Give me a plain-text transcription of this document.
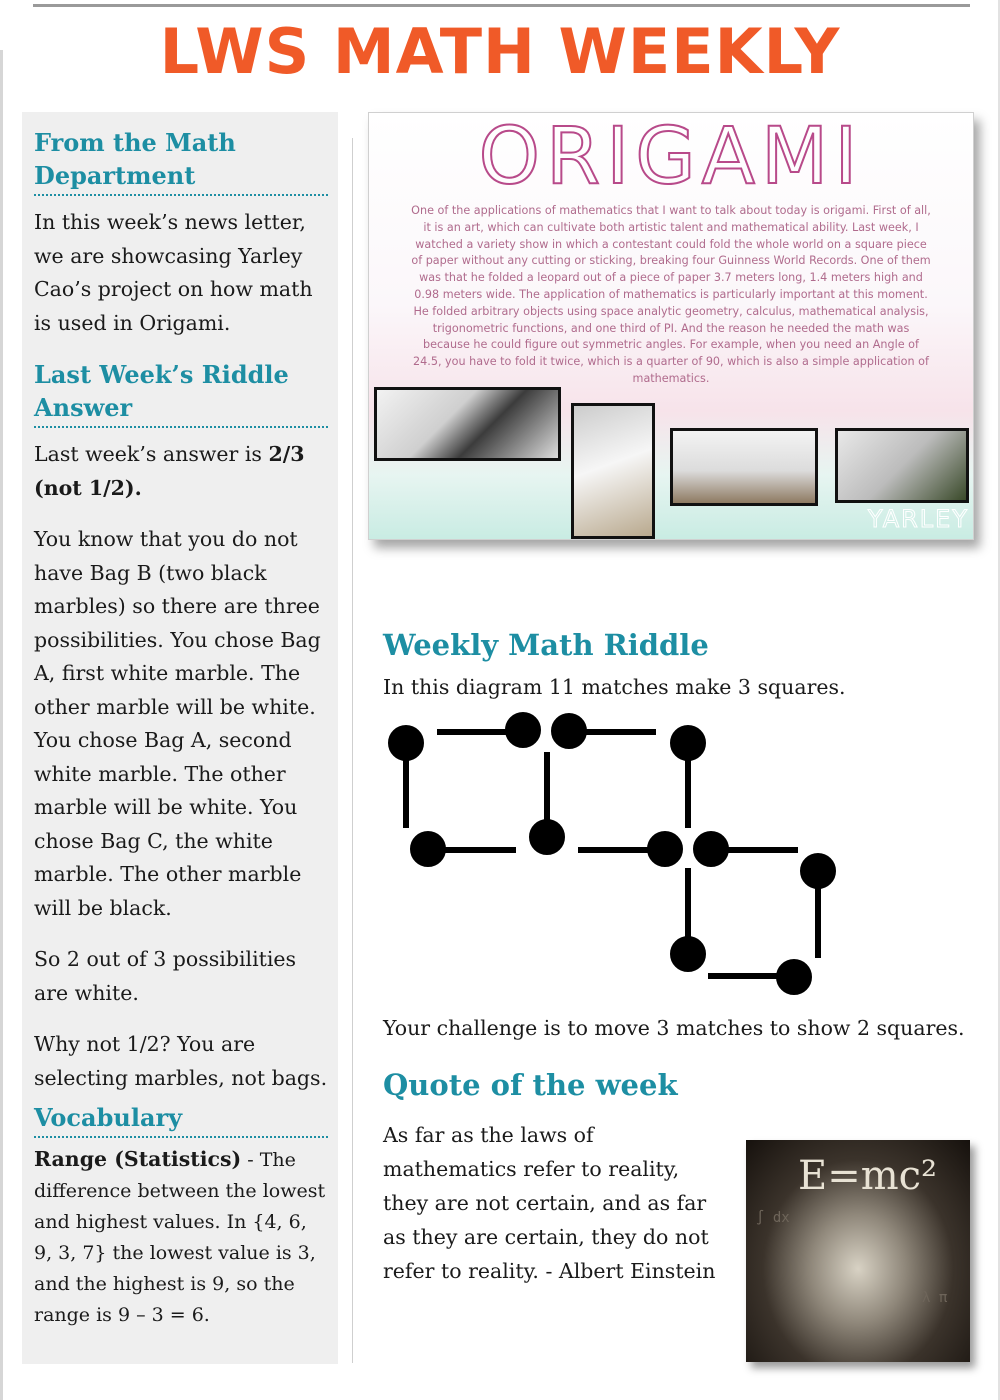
LWS MATH WEEKLY
From the Math Department

In this week’s news letter, we are showcasing Yarley Cao’s project on how math is used in Origami.

Last Week’s Riddle Answer

Last week’s answer is 2/3 (not 1/2).

You know that you do not have Bag B (two black marbles) so there are three possibilities. You chose Bag A, first white marble. The other marble will be white. You chose Bag A, second white marble. The other marble will be white. You chose Bag C, the white marble. The other marble will be black.

So 2 out of 3 possibilities are white.

Why not 1/2? You are selecting marbles, not bags.

Vocabulary

Range (Statistics) - The difference between the lowest and highest values. In {4, 6, 9, 3, 7} the lowest value is 3, and the highest is 9, so the range is 9 – 3 = 6.

ORIGAMI

One of the applications of mathematics that I want to talk about today is origami. First of all, it is an art, which can cultivate both artistic talent and mathematical ability. Last week, I watched a variety show in which a contestant could fold the whole world on a square piece of paper without any cutting or sticking, breaking four Guinness World Records. One of them was that he folded a leopard out of a piece of paper 3.7 meters long, 1.4 meters high and 0.98 meters wide. The application of mathematics is particularly important at this moment. He folded arbitrary objects using space analytic geometry, calculus, mathematical analysis, trigonometric functions, and one third of PI. And the reason he needed the math was because he could figure out symmetric angles. For example, when you need an Angle of 24.5, you have to fold it twice, which is a quarter of 90, which is also a simple application of mathematics.

YARLEY
Weekly Math Riddle

In this diagram 11 matches make 3 squares.

Your challenge is to move 3 matches to show 2 squares.

Quote of the week

As far as the laws of mathematics refer to reality, they are not certain, and as far as they are certain, they do not refer to reality. - Albert Einstein

E=mc²
∫ dx
λ π
